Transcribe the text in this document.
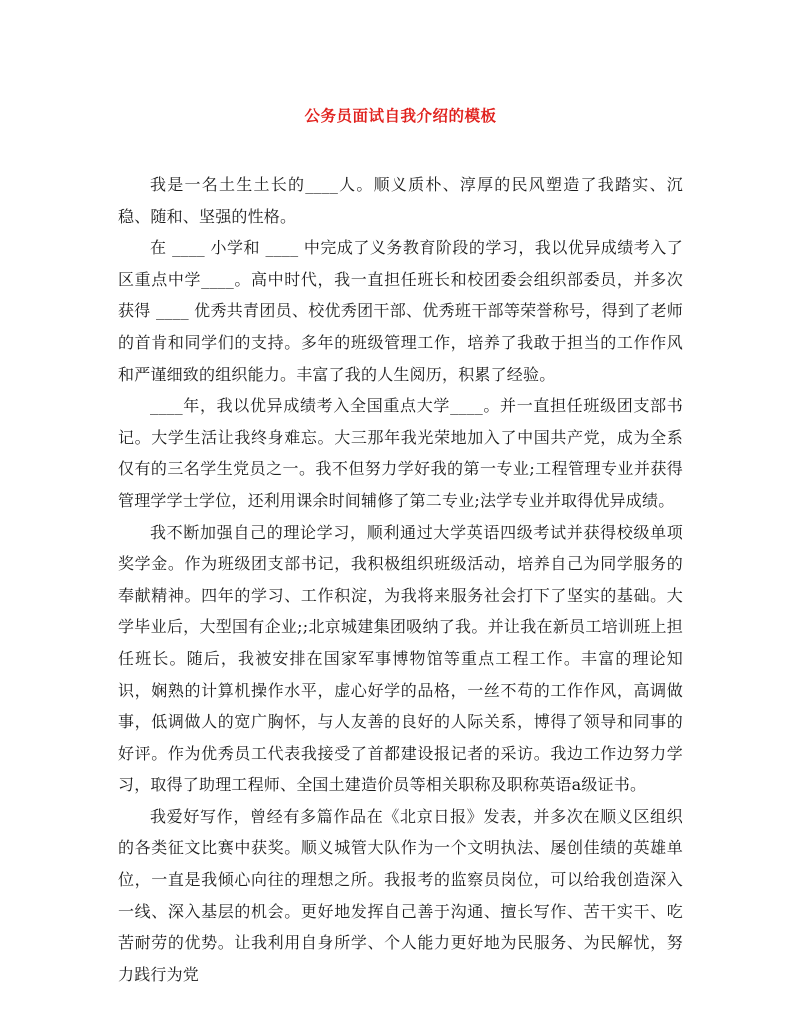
公务员面试自我介绍的模板

我是一名土生土长的____人。顺义质朴、淳厚的民风塑造了我踏实、沉稳、随和、坚强的性格。

在 ____ 小学和 ____ 中完成了义务教育阶段的学习，我以优异成绩考入了区重点中学____。高中时代，我一直担任班长和校团委会组织部委员，并多次获得 ____ 优秀共青团员、校优秀团干部、优秀班干部等荣誉称号，得到了老师的首肯和同学们的支持。多年的班级管理工作，培养了我敢于担当的工作作风和严谨细致的组织能力。丰富了我的人生阅历，积累了经验。

____年，我以优异成绩考入全国重点大学____。并一直担任班级团支部书记。大学生活让我终身难忘。大三那年我光荣地加入了中国共产党，成为全系仅有的三名学生党员之一。我不但努力学好我的第一专业;工程管理专业并获得管理学学士学位，还利用课余时间辅修了第二专业;法学专业并取得优异成绩。

我不断加强自己的理论学习，顺利通过大学英语四级考试并获得校级单项奖学金。作为班级团支部书记，我积极组织班级活动，培养自己为同学服务的奉献精神。四年的学习、工作积淀，为我将来服务社会打下了坚实的基础。大学毕业后，大型国有企业;;北京城建集团吸纳了我。并让我在新员工培训班上担任班长。随后，我被安排在国家军事博物馆等重点工程工作。丰富的理论知识，娴熟的计算机操作水平，虚心好学的品格，一丝不苟的工作作风，高调做事，低调做人的宽广胸怀，与人友善的良好的人际关系，博得了领导和同事的好评。作为优秀员工代表我接受了首都建设报记者的采访。我边工作边努力学习，取得了助理工程师、全国土建造价员等相关职称及职称英语a级证书。

我爱好写作，曾经有多篇作品在《北京日报》发表，并多次在顺义区组织的各类征文比赛中获奖。顺义城管大队作为一个文明执法、屡创佳绩的英雄单位，一直是我倾心向往的理想之所。我报考的监察员岗位，可以给我创造深入一线、深入基层的机会。更好地发挥自己善于沟通、擅长写作、苦干实干、吃苦耐劳的优势。让我利用自身所学、个人能力更好地为民服务、为民解忧，努力践行为党
